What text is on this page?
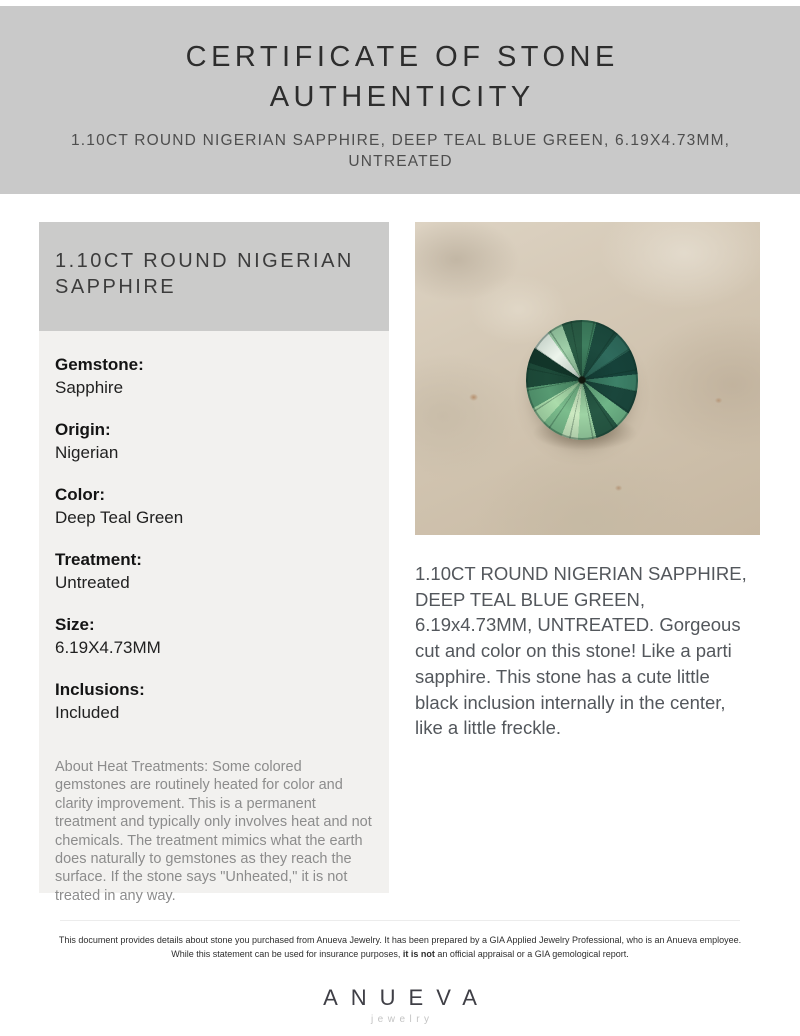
CERTIFICATE OF STONE
AUTHENTICITY
1.10CT ROUND NIGERIAN SAPPHIRE, DEEP TEAL BLUE GREEN, 6.19X4.73MM, UNTREATED
1.10CT ROUND NIGERIAN SAPPHIRE
Gemstone:
Sapphire
Origin:
Nigerian
Color:
Deep Teal Green
Treatment:
Untreated
Size:
6.19X4.73MM
Inclusions:
Included

About Heat Treatments: Some colored gemstones are routinely heated for color and clarity improvement. This is a permanent treatment and typically only involves heat and not chemicals. The treatment mimics what the earth does naturally to gemstones as they reach the surface. If the stone says "Unheated," it is not treated in any way.

1.10CT ROUND NIGERIAN SAPPHIRE, DEEP TEAL BLUE GREEN, 6.19x4.73MM, UNTREATED. Gorgeous cut and color on this stone! Like a parti sapphire. This stone has a cute little black inclusion internally in the center, like a little freckle.

This document provides details about stone you purchased from Anueva Jewelry. It has been prepared by a GIA Applied Jewelry Professional, who is an Anueva employee.
While this statement can be used for insurance purposes, it is not an official appraisal or a GIA gemological report.

ANUEVA
jewelry
